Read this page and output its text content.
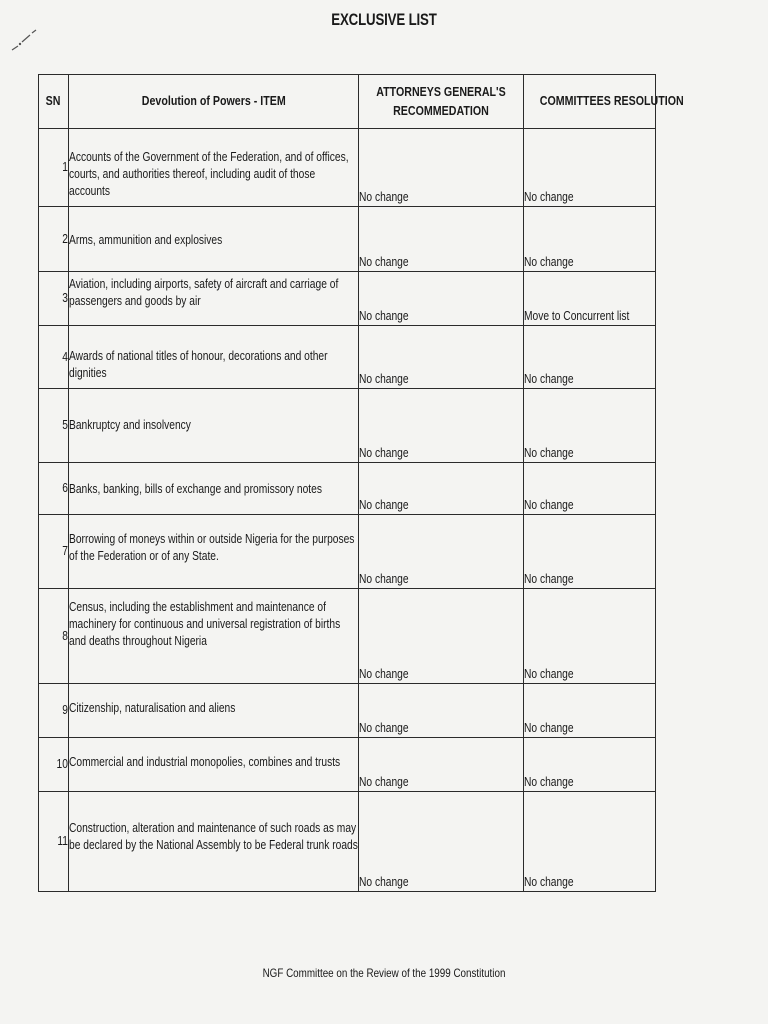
EXCLUSIVE LIST
SN	Devolution of Powers - ITEM	ATTORNEYS GENERAL'S
RECOMMEDATION	COMMITTEES RESOLUTION
1	Accounts of the Government of the Federation, and of offices, courts, and authorities thereof, including audit of those accounts	No change	No change
2	Arms, ammunition and explosives	No change	No change
3	Aviation, including airports, safety of aircraft and carriage of passengers and goods by air	No change	Move to Concurrent list
4	Awards of national titles of honour, decorations and other dignities	No change	No change
5	Bankruptcy and insolvency	No change	No change
6	Banks, banking, bills of exchange and promissory notes	No change	No change
7	Borrowing of moneys within or outside Nigeria for the purposes of the Federation or of any State.	No change	No change
8	Census, including the establishment and maintenance of machinery for continuous and universal registration of births and deaths throughout Nigeria	No change	No change
9	Citizenship, naturalisation and aliens	No change	No change
10	Commercial and industrial monopolies, combines and trusts	No change	No change
11	Construction, alteration and maintenance of such roads as may be declared by the National Assembly to be Federal trunk roads	No change	No change
NGF Committee on the Review of the 1999 Constitution
